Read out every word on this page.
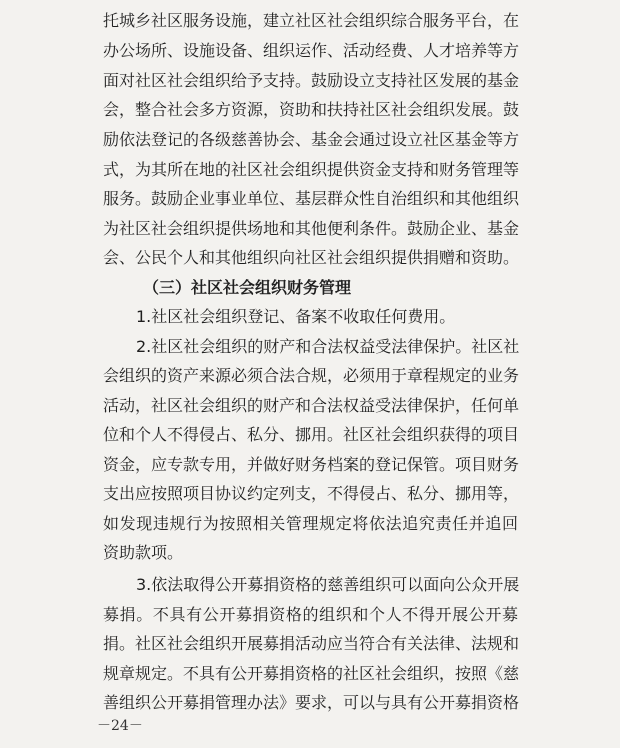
托城乡社区服务设施，建立社区社会组织综合服务平台，在
办公场所、设施设备、组织运作、活动经费、人才培养等方
面对社区社会组织给予支持。鼓励设立支持社区发展的基金
会，整合社会多方资源，资助和扶持社区社会组织发展。鼓
励依法登记的各级慈善协会、基金会通过设立社区基金等方
式，为其所在地的社区社会组织提供资金支持和财务管理等
服务。鼓励企业事业单位、基层群众性自治组织和其他组织
为社区社会组织提供场地和其他便利条件。鼓励企业、基金
会、公民个人和其他组织向社区社会组织提供捐赠和资助。
（三）社区社会组织财务管理
1.社区社会组织登记、备案不收取任何费用。
2.社区社会组织的财产和合法权益受法律保护。社区社
会组织的资产来源必须合法合规，必须用于章程规定的业务
活动，社区社会组织的财产和合法权益受法律保护，任何单
位和个人不得侵占、私分、挪用。社区社会组织获得的项目
资金，应专款专用，并做好财务档案的登记保管。项目财务
支出应按照项目协议约定列支，不得侵占、私分、挪用等，
如发现违规行为按照相关管理规定将依法追究责任并追回
资助款项。
3.依法取得公开募捐资格的慈善组织可以面向公众开展
募捐。不具有公开募捐资格的组织和个人不得开展公开募
捐。社区社会组织开展募捐活动应当符合有关法律、法规和
规章规定。不具有公开募捐资格的社区社会组织，按照《慈
善组织公开募捐管理办法》要求，可以与具有公开募捐资格
－24－
